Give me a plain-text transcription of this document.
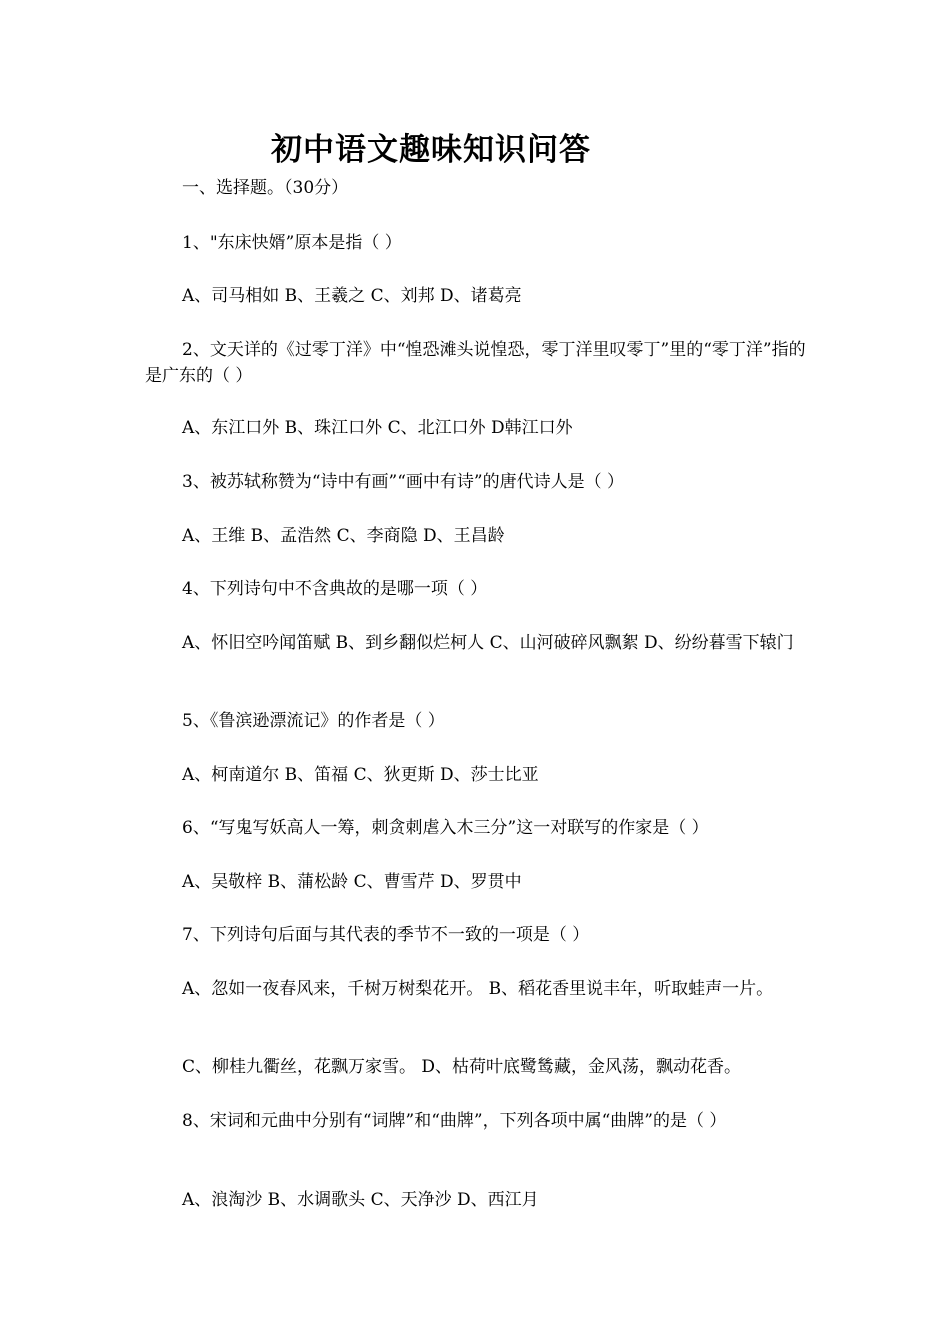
初中语文趣味知识问答

一、选择题。（30分）

1、"东床快婿”原本是指（ ）

A、司马相如 B、王羲之 C、刘邦 D、诸葛亮

2、文天详的《过零丁洋》中“惶恐滩头说惶恐，零丁洋里叹零丁”里的“零丁洋”指的是广东的（ ）

A、东江口外 B、珠江口外 C、北江口外 D韩江口外

3、被苏轼称赞为“诗中有画”“画中有诗”的唐代诗人是（ ）

A、王维 B、孟浩然 C、李商隐 D、王昌龄

4、下列诗句中不含典故的是哪一项（ ）

A、怀旧空吟闻笛赋 B、到乡翻似烂柯人 C、山河破碎风飘絮 D、纷纷暮雪下辕门

5、《鲁滨逊漂流记》的作者是（ ）

A、柯南道尔 B、笛福 C、狄更斯 D、莎士比亚

6、“写鬼写妖高人一筹，刺贪刺虐入木三分”这一对联写的作家是（ ）

A、吴敬梓 B、蒲松龄 C、曹雪芹 D、罗贯中

7、下列诗句后面与其代表的季节不一致的一项是（ ）

A、忽如一夜春风来，千树万树梨花开。 B、稻花香里说丰年，听取蛙声一片。

C、柳桂九衢丝，花飘万家雪。 D、枯荷叶底鹭鸶藏，金风荡，飘动花香。

8、宋词和元曲中分别有“词牌”和“曲牌”，下列各项中属“曲牌”的是（ ）

A、浪淘沙 B、水调歌头 C、天净沙 D、西江月
